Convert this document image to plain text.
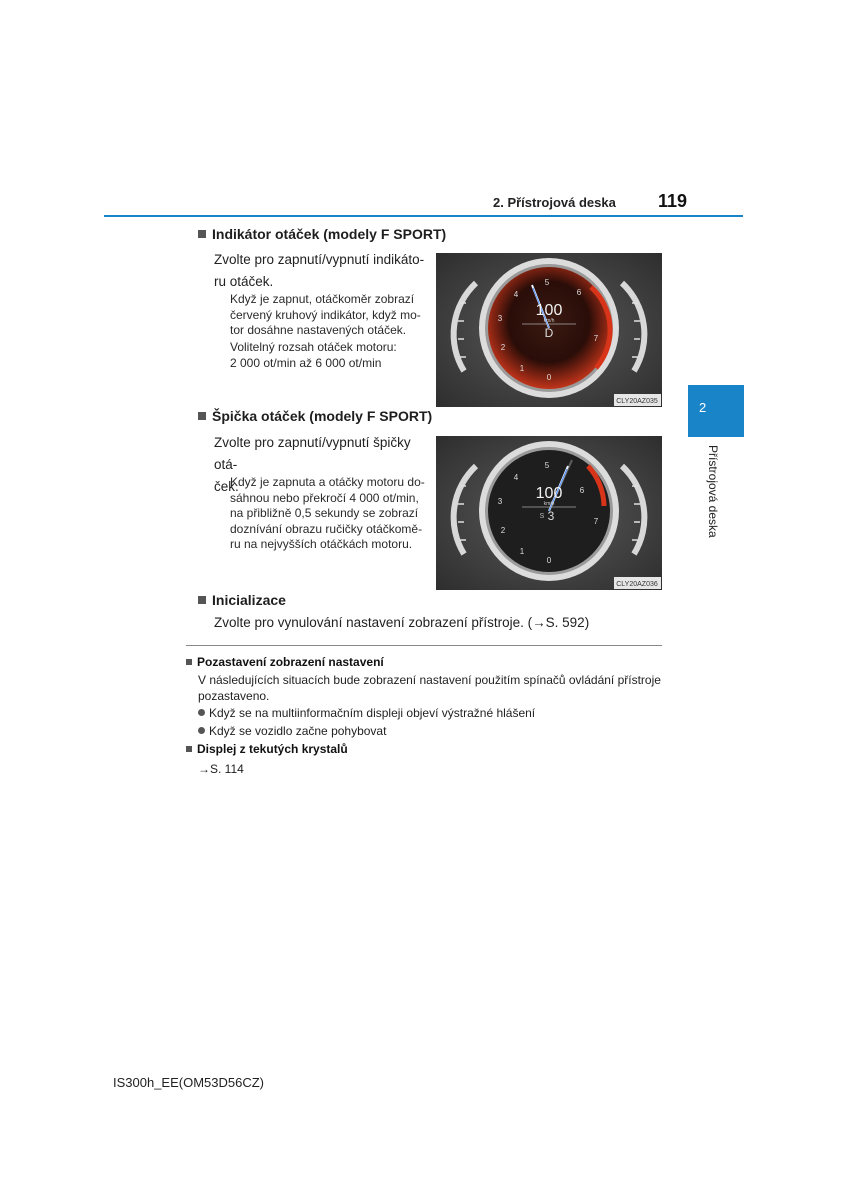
2. Přístrojová deska 119
2
Přístrojová deska
Indikátor otáček (modely F SPORT)
Zvolte pro zapnutí/vypnutí indikáto-
ru otáček.
Když je zapnut, otáčkoměr zobrazí
červený kruhový indikátor, když mo-
tor dosáhne nastavených otáček.
Volitelný rozsah otáček motoru:
2 000 ot/min až 6 000 ot/min
0
1
2
3
4
5
6
7
100
km/h
D
CLY20AZ035
Špička otáček (modely F SPORT)
Zvolte pro zapnutí/vypnutí špičky otá-
ček.
Když je zapnuta a otáčky motoru do-
sáhnou nebo překročí 4 000 ot/min,
na přibližně 0,5 sekundy se zobrazí
doznívání obrazu ručičky otáčkomě-
ru na nejvyšších otáčkách motoru.
0
1
2
3
4
5
6
7
100
km/h
S 3
CLY20AZ036
Inicializace
Zvolte pro vynulování nastavení zobrazení přístroje. (→S. 592)
Pozastavení zobrazení nastavení
V následujících situacích bude zobrazení nastavení použitím spínačů ovládání přístroje
pozastaveno.
Když se na multiinformačním displeji objeví výstražné hlášení
Když se vozidlo začne pohybovat
Displej z tekutých krystalů
→S. 114
IS300h_EE(OM53D56CZ)
